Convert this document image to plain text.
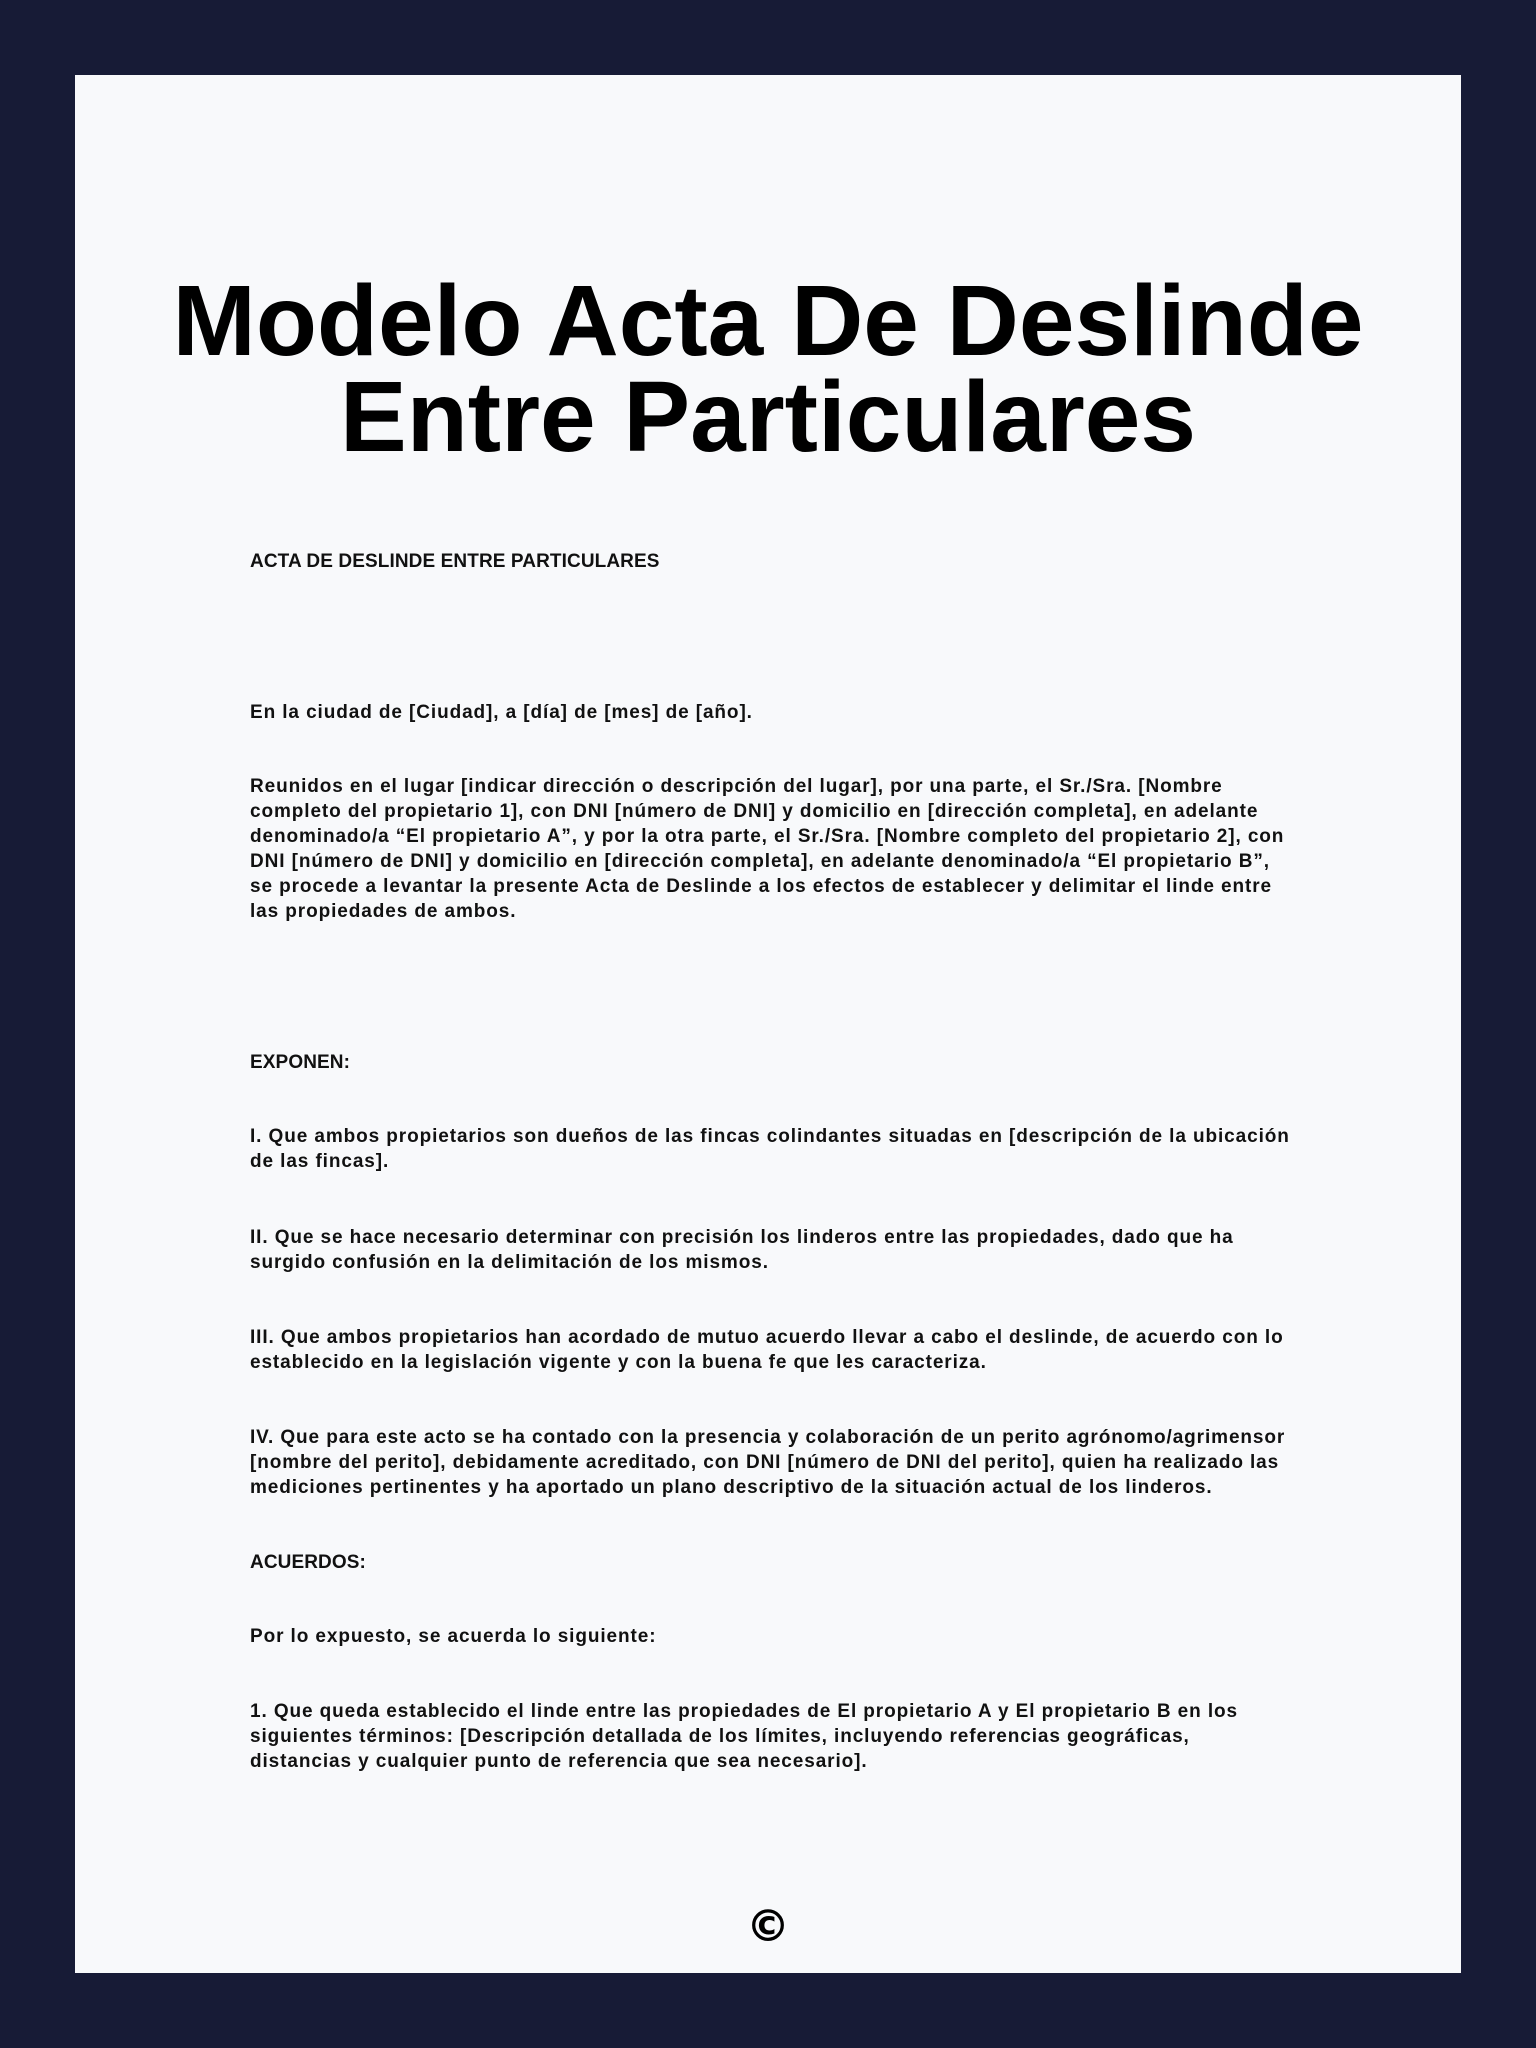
Modelo Acta De Deslinde
Entre Particulares

ACTA DE DESLINDE ENTRE PARTICULARES

En la ciudad de [Ciudad], a [día] de [mes] de [año].

Reunidos en el lugar [indicar dirección o descripción del lugar], por una parte, el Sr./Sra. [Nombre completo del propietario 1], con DNI [número de DNI] y domicilio en [dirección completa], en adelante denominado/a “El propietario A”, y por la otra parte, el Sr./Sra. [Nombre completo del propietario 2], con DNI [número de DNI] y domicilio en [dirección completa], en adelante denominado/a “El propietario B”, se procede a levantar la presente Acta de Deslinde a los efectos de establecer y delimitar el linde entre las propiedades de ambos.

EXPONEN:

I. Que ambos propietarios son dueños de las fincas colindantes situadas en [descripción de la ubicación de las fincas].

II. Que se hace necesario determinar con precisión los linderos entre las propiedades, dado que ha surgido confusión en la delimitación de los mismos.

III. Que ambos propietarios han acordado de mutuo acuerdo llevar a cabo el deslinde, de acuerdo con lo establecido en la legislación vigente y con la buena fe que les caracteriza.

IV. Que para este acto se ha contado con la presencia y colaboración de un perito agrónomo/agrimensor [nombre del perito], debidamente acreditado, con DNI [número de DNI del perito], quien ha realizado las mediciones pertinentes y ha aportado un plano descriptivo de la situación actual de los linderos.

ACUERDOS:

Por lo expuesto, se acuerda lo siguiente:

1. Que queda establecido el linde entre las propiedades de El propietario A y El propietario B en los siguientes términos: [Descripción detallada de los límites, incluyendo referencias geográficas, distancias y cualquier punto de referencia que sea necesario].

©
